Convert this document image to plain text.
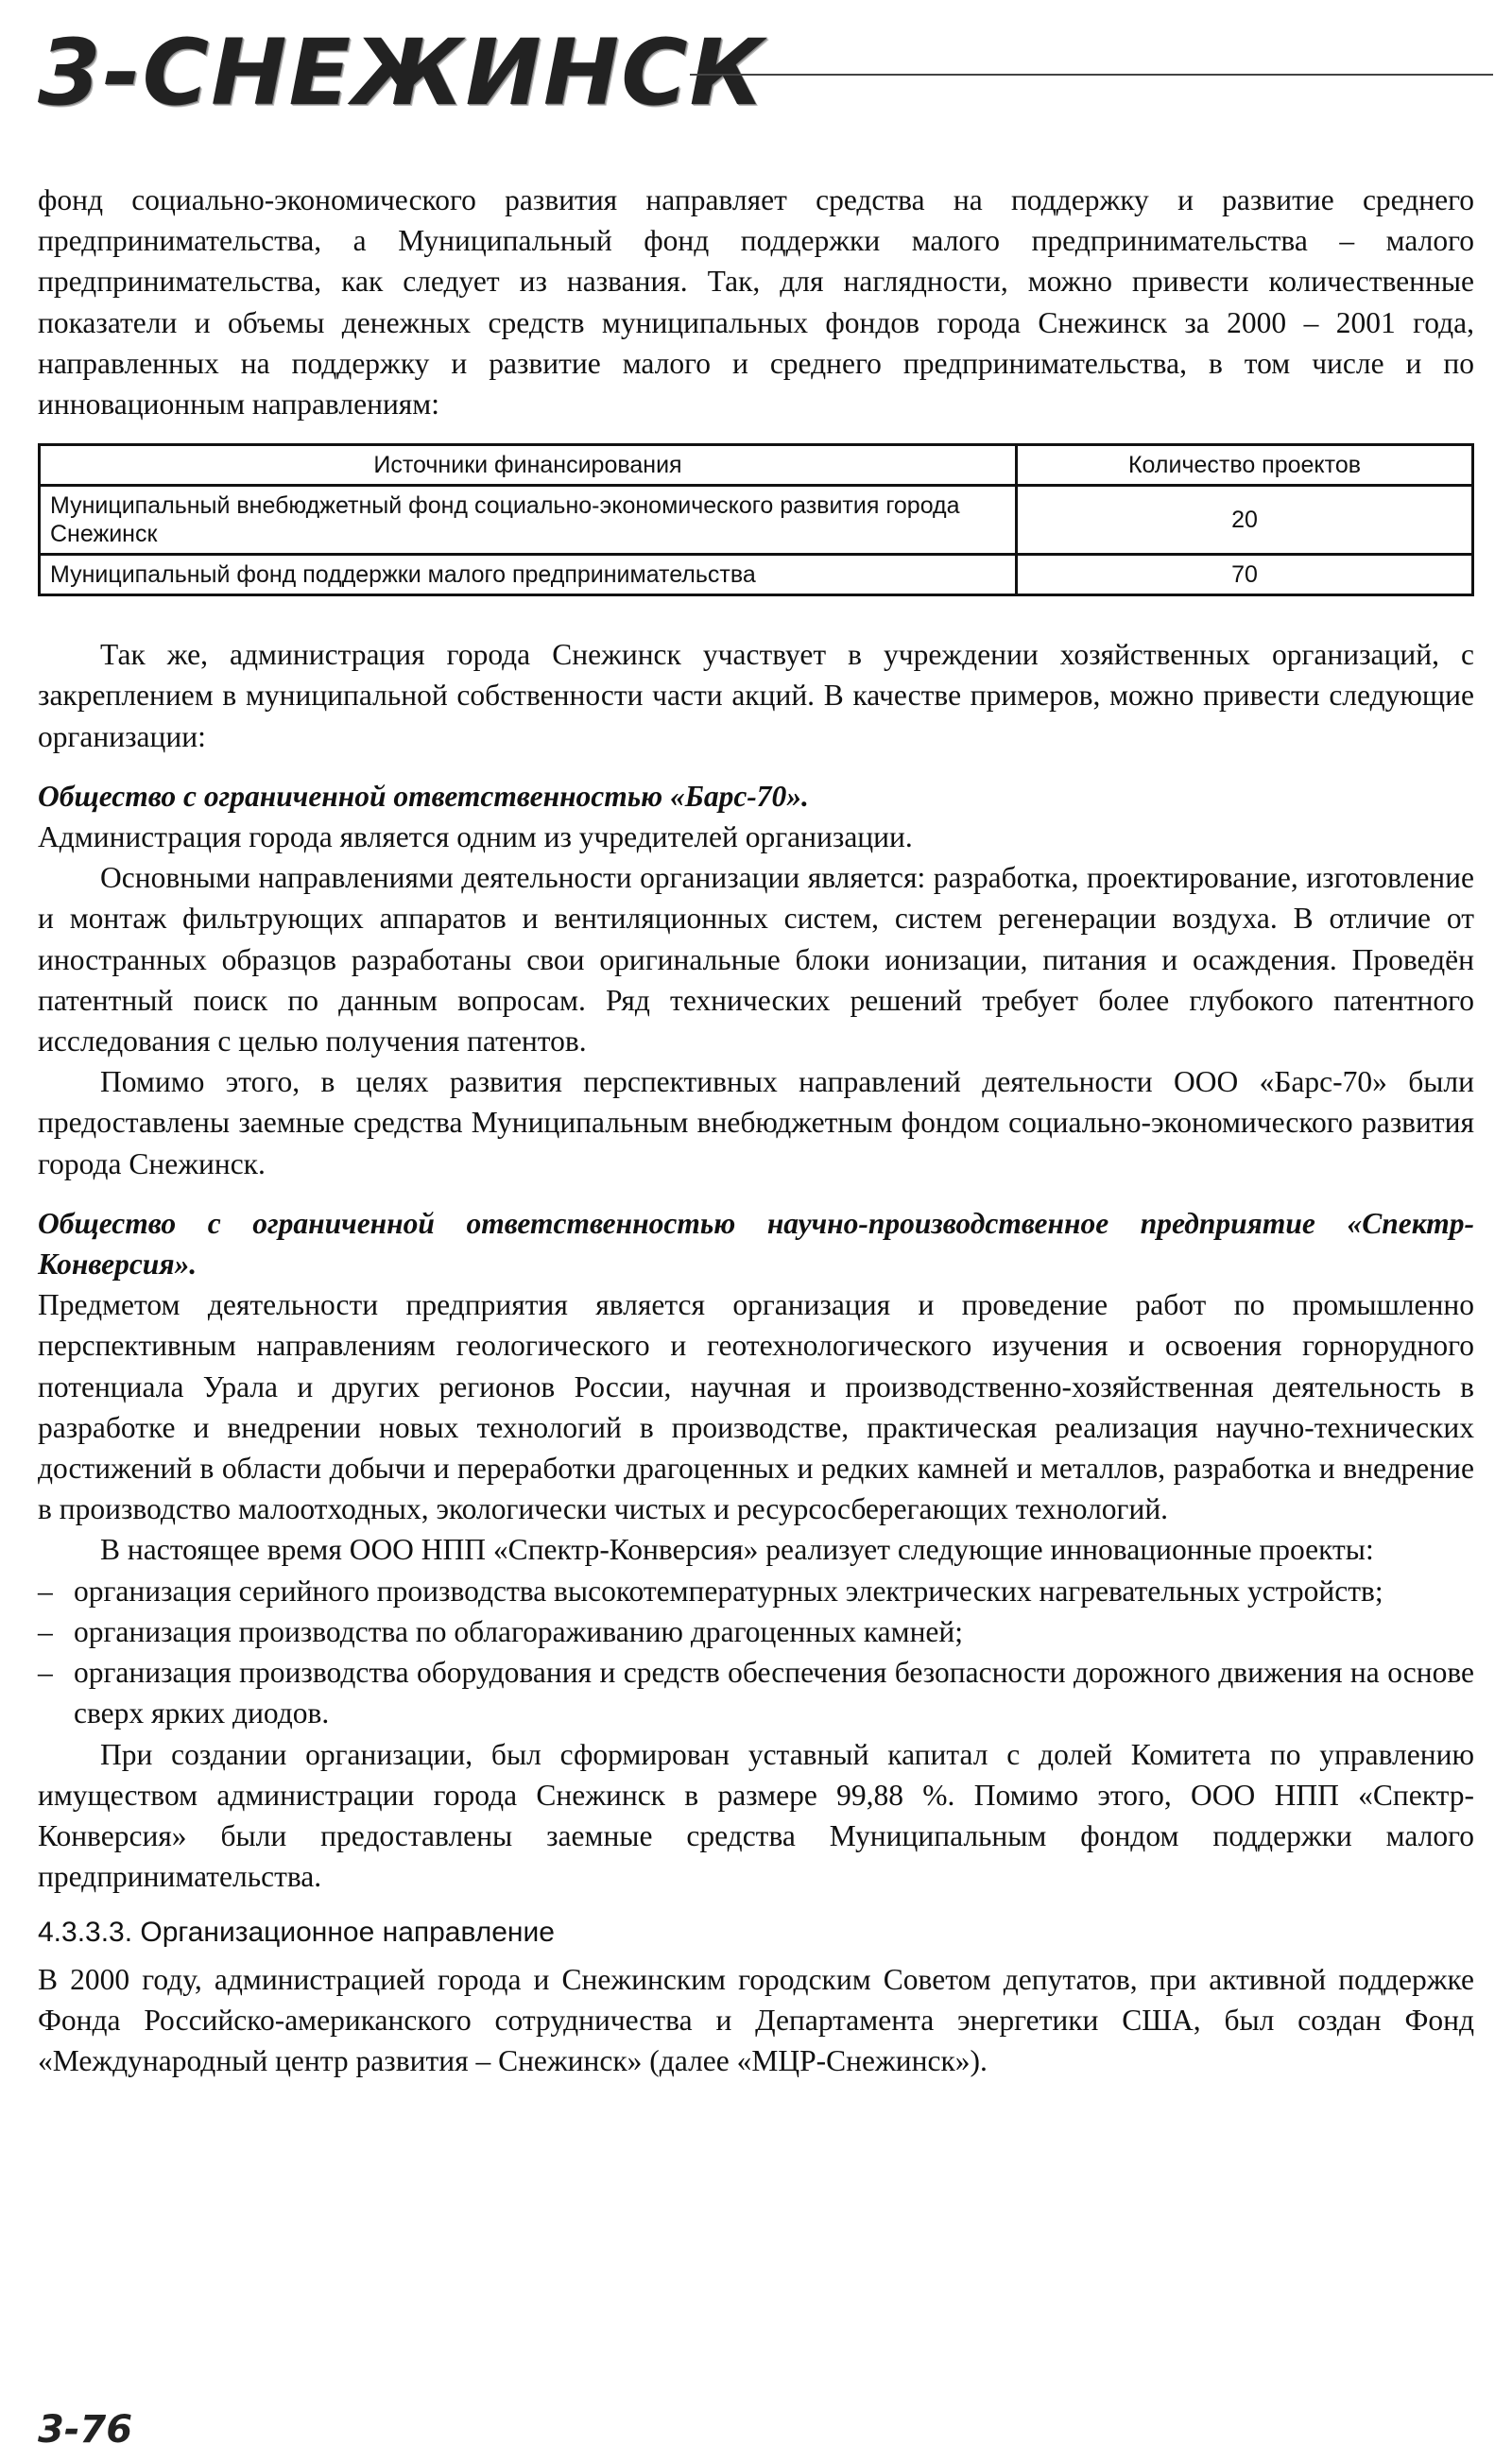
3-СНЕЖИНСК

фонд социально-экономического развития направляет средства на поддержку и развитие среднего предпринимательства, а Муниципальный фонд поддержки малого предпринимательства – малого предпринимательства, как следует из названия. Так, для наглядности, можно привести количественные показатели и объемы денежных средств муниципальных фондов города Снежинск за 2000 – 2001 года, направленных на поддержку и развитие малого и среднего предпринимательства, в том числе и по инновационным направлениям:

Источники финансирования	Количество проектов
Муниципальный внебюджетный фонд социально-экономического развития города Снежинск	20
Муниципальный фонд поддержки малого предпринимательства	70

Так же, администрация города Снежинск участвует в учреждении хозяйственных организаций, с закреплением в муниципальной собственности части акций. В качестве примеров, можно привести следующие организации:

Общество с ограниченной ответственностью «Барс-70».

Администрация города является одним из учредителей организации.

Основными направлениями деятельности организации является: разработка, проектирование, изготовление и монтаж фильтрующих аппаратов и вентиляционных систем, систем регенерации воздуха. В отличие от иностранных образцов разработаны свои оригинальные блоки ионизации, питания и осаждения. Проведён патентный поиск по данным вопросам. Ряд технических решений требует более глубокого патентного исследования с целью получения патентов.

Помимо этого, в целях развития перспективных направлений деятельности ООО «Барс-70» были предоставлены заемные средства Муниципальным внебюджетным фондом социально-экономического развития города Снежинск.

Общество с ограниченной ответственностью научно-производственное предприятие «Спектр-Конверсия».

Предметом деятельности предприятия является организация и проведение работ по промышленно перспективным направлениям геологического и геотехнологического изучения и освоения горнорудного потенциала Урала и других регионов России, научная и производственно-хозяйственная деятельность в разработке и внедрении новых технологий в производстве, практическая реализация научно-технических достижений в области добычи и переработки драгоценных и редких камней и металлов, разработка и внедрение в производство малоотходных, экологически чистых и ресурсосберегающих технологий.

В настоящее время ООО НПП «Спектр-Конверсия» реализует следующие инновационные проекты:

– организация серийного производства высокотемпературных электрических нагревательных устройств;
– организация производства по облагораживанию драгоценных камней;
– организация производства оборудования и средств обеспечения безопасности дорожного движения на основе сверх ярких диодов.

При создании организации, был сформирован уставный капитал с долей Комитета по управлению имуществом администрации города Снежинск в размере 99,88 %. Помимо этого, ООО НПП «Спектр-Конверсия» были предоставлены заемные средства Муниципальным фондом поддержки малого предпринимательства.

4.3.3.3. Организационное направление

В 2000 году, администрацией города и Снежинским городским Советом депутатов, при активной поддержке Фонда Российско-американского сотрудничества и Департамента энергетики США, был создан Фонд «Международный центр развития – Снежинск» (далее «МЦР-Снежинск»).

3-76
